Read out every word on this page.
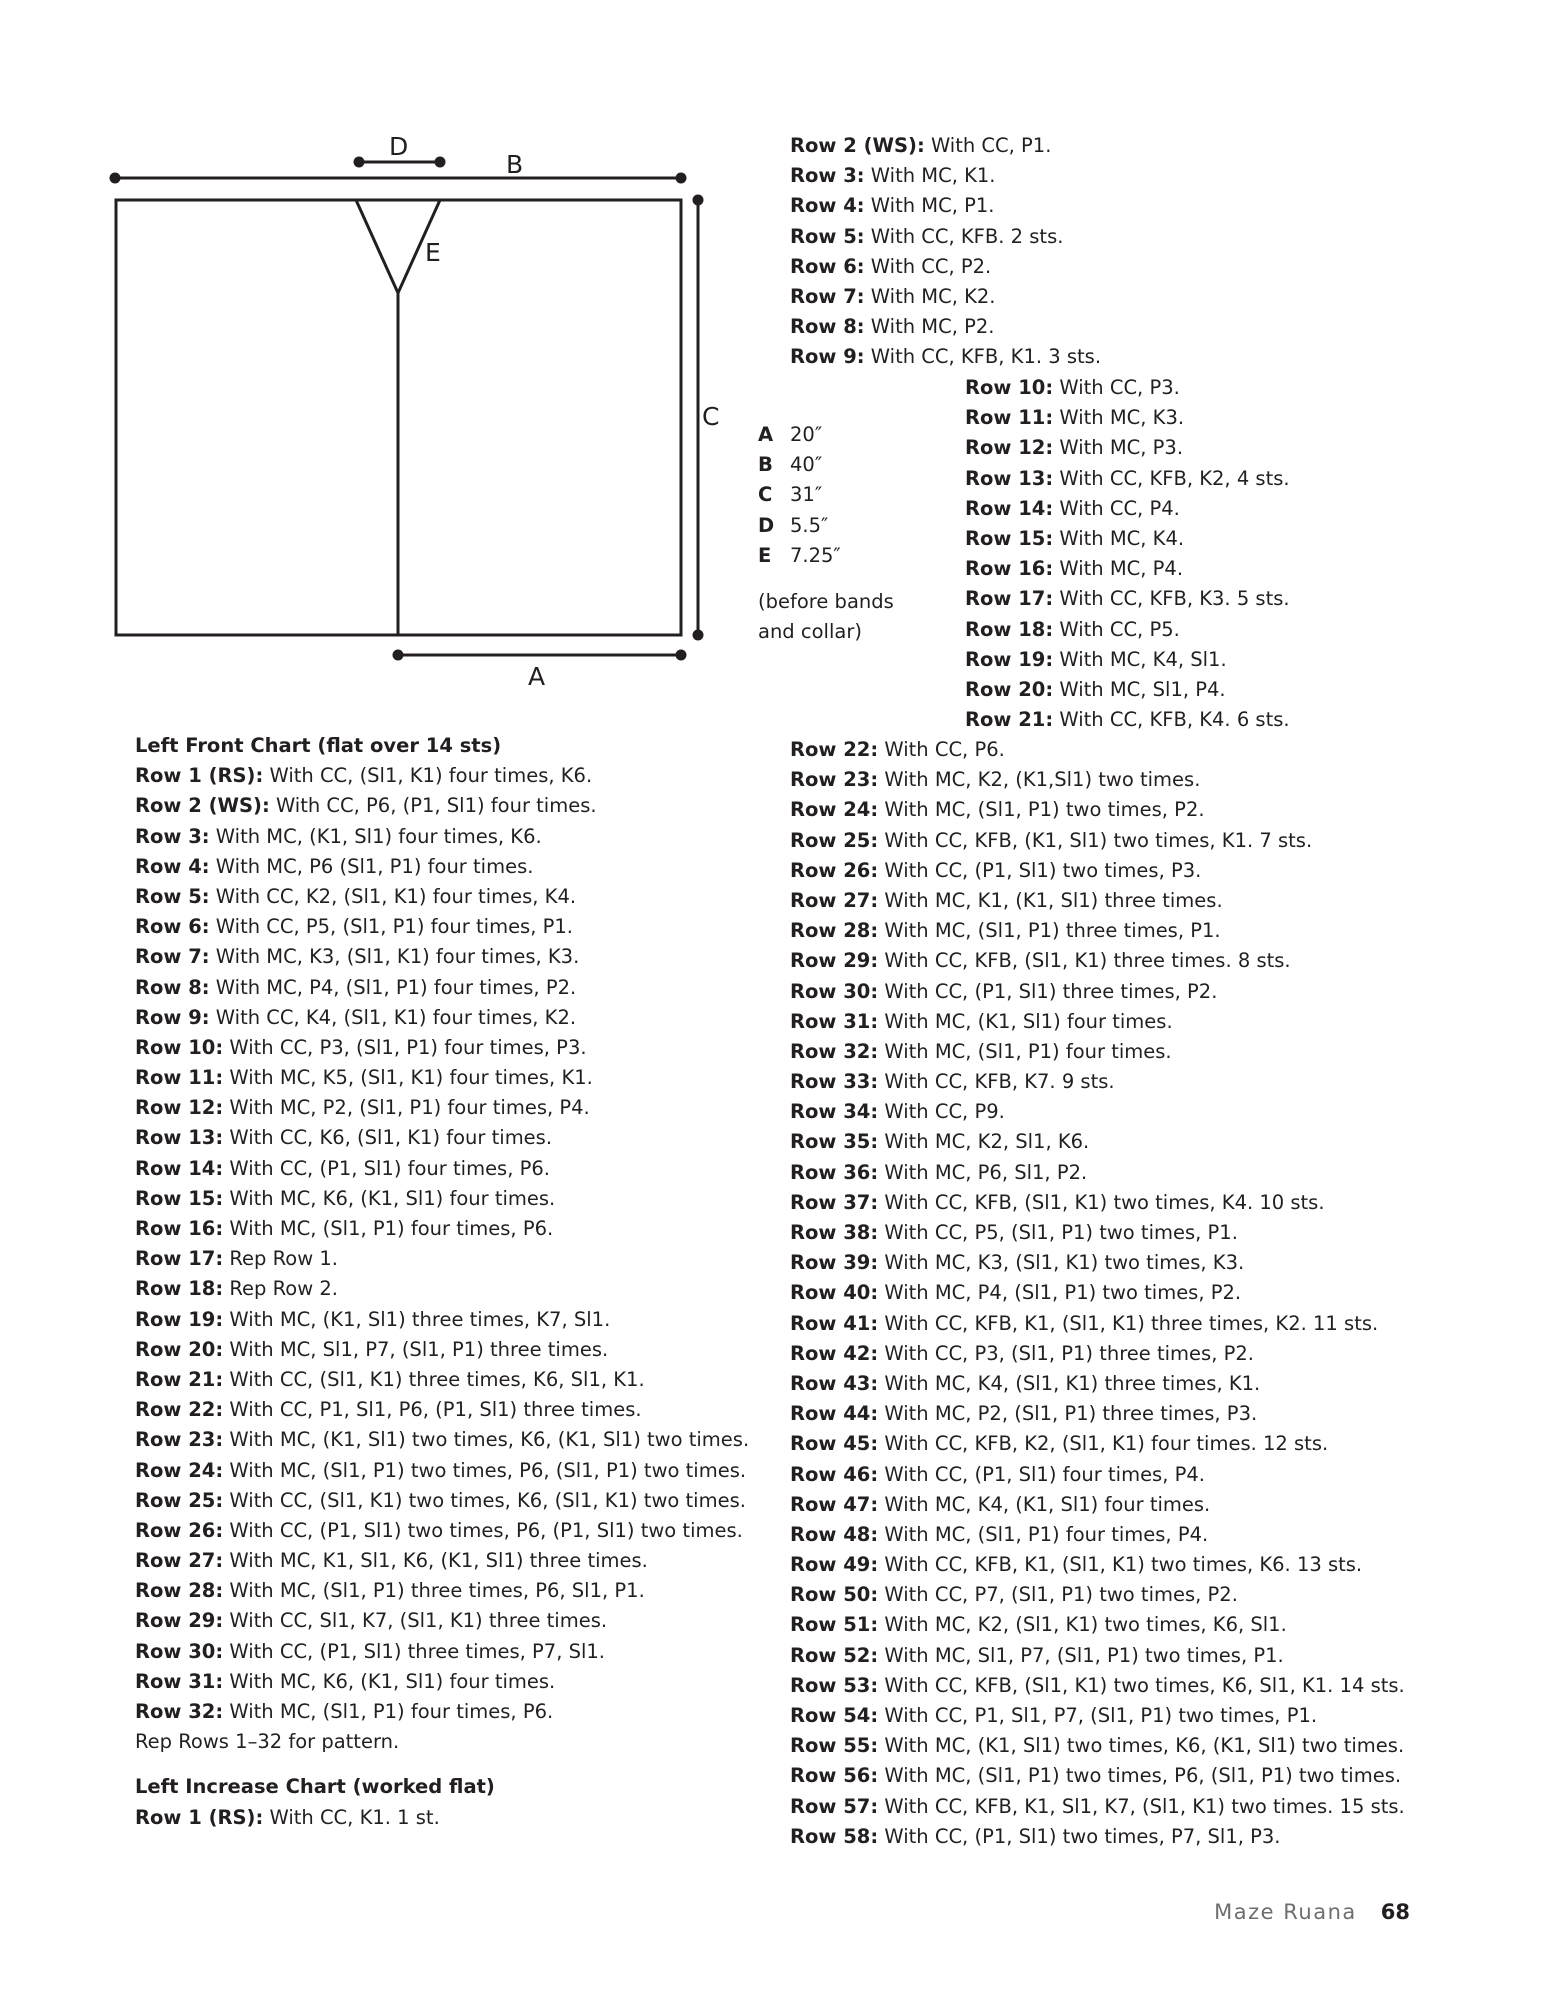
D
B
E
C
A
A 20″
B 40″
C 31″
D 5.5″
E 7.25″
(before bands
and collar)
Left Front Chart (flat over 14 sts)
Row 1 (RS): With CC, (Sl1, K1) four times, K6.
Row 2 (WS): With CC, P6, (P1, Sl1) four times.
Row 3: With MC, (K1, Sl1) four times, K6.
Row 4: With MC, P6 (Sl1, P1) four times.
Row 5: With CC, K2, (Sl1, K1) four times, K4.
Row 6: With CC, P5, (Sl1, P1) four times, P1.
Row 7: With MC, K3, (Sl1, K1) four times, K3.
Row 8: With MC, P4, (Sl1, P1) four times, P2.
Row 9: With CC, K4, (Sl1, K1) four times, K2.
Row 10: With CC, P3, (Sl1, P1) four times, P3.
Row 11: With MC, K5, (Sl1, K1) four times, K1.
Row 12: With MC, P2, (Sl1, P1) four times, P4.
Row 13: With CC, K6, (Sl1, K1) four times.
Row 14: With CC, (P1, Sl1) four times, P6.
Row 15: With MC, K6, (K1, Sl1) four times.
Row 16: With MC, (Sl1, P1) four times, P6.
Row 17: Rep Row 1.
Row 18: Rep Row 2.
Row 19: With MC, (K1, Sl1) three times, K7, Sl1.
Row 20: With MC, Sl1, P7, (Sl1, P1) three times.
Row 21: With CC, (Sl1, K1) three times, K6, Sl1, K1.
Row 22: With CC, P1, Sl1, P6, (P1, Sl1) three times.
Row 23: With MC, (K1, Sl1) two times, K6, (K1, Sl1) two times.
Row 24: With MC, (Sl1, P1) two times, P6, (Sl1, P1) two times.
Row 25: With CC, (Sl1, K1) two times, K6, (Sl1, K1) two times.
Row 26: With CC, (P1, Sl1) two times, P6, (P1, Sl1) two times.
Row 27: With MC, K1, Sl1, K6, (K1, Sl1) three times.
Row 28: With MC, (Sl1, P1) three times, P6, Sl1, P1.
Row 29: With CC, Sl1, K7, (Sl1, K1) three times.
Row 30: With CC, (P1, Sl1) three times, P7, Sl1.
Row 31: With MC, K6, (K1, Sl1) four times.
Row 32: With MC, (Sl1, P1) four times, P6.
Rep Rows 1–32 for pattern.
Left Increase Chart (worked flat)
Row 1 (RS): With CC, K1. 1 st.
Row 2 (WS): With CC, P1.
Row 3: With MC, K1.
Row 4: With MC, P1.
Row 5: With CC, KFB. 2 sts.
Row 6: With CC, P2.
Row 7: With MC, K2.
Row 8: With MC, P2.
Row 9: With CC, KFB, K1. 3 sts.
Row 10: With CC, P3.
Row 11: With MC, K3.
Row 12: With MC, P3.
Row 13: With CC, KFB, K2, 4 sts.
Row 14: With CC, P4.
Row 15: With MC, K4.
Row 16: With MC, P4.
Row 17: With CC, KFB, K3. 5 sts.
Row 18: With CC, P5.
Row 19: With MC, K4, Sl1.
Row 20: With MC, Sl1, P4.
Row 21: With CC, KFB, K4. 6 sts.
Row 22: With CC, P6.
Row 23: With MC, K2, (K1,Sl1) two times.
Row 24: With MC, (Sl1, P1) two times, P2.
Row 25: With CC, KFB, (K1, Sl1) two times, K1. 7 sts.
Row 26: With CC, (P1, Sl1) two times, P3.
Row 27: With MC, K1, (K1, Sl1) three times.
Row 28: With MC, (Sl1, P1) three times, P1.
Row 29: With CC, KFB, (Sl1, K1) three times. 8 sts.
Row 30: With CC, (P1, Sl1) three times, P2.
Row 31: With MC, (K1, Sl1) four times.
Row 32: With MC, (Sl1, P1) four times.
Row 33: With CC, KFB, K7. 9 sts.
Row 34: With CC, P9.
Row 35: With MC, K2, Sl1, K6.
Row 36: With MC, P6, Sl1, P2.
Row 37: With CC, KFB, (Sl1, K1) two times, K4. 10 sts.
Row 38: With CC, P5, (Sl1, P1) two times, P1.
Row 39: With MC, K3, (Sl1, K1) two times, K3.
Row 40: With MC, P4, (Sl1, P1) two times, P2.
Row 41: With CC, KFB, K1, (Sl1, K1) three times, K2. 11 sts.
Row 42: With CC, P3, (Sl1, P1) three times, P2.
Row 43: With MC, K4, (Sl1, K1) three times, K1.
Row 44: With MC, P2, (Sl1, P1) three times, P3.
Row 45: With CC, KFB, K2, (Sl1, K1) four times. 12 sts.
Row 46: With CC, (P1, Sl1) four times, P4.
Row 47: With MC, K4, (K1, Sl1) four times.
Row 48: With MC, (Sl1, P1) four times, P4.
Row 49: With CC, KFB, K1, (Sl1, K1) two times, K6. 13 sts.
Row 50: With CC, P7, (Sl1, P1) two times, P2.
Row 51: With MC, K2, (Sl1, K1) two times, K6, Sl1.
Row 52: With MC, Sl1, P7, (Sl1, P1) two times, P1.
Row 53: With CC, KFB, (Sl1, K1) two times, K6, Sl1, K1. 14 sts.
Row 54: With CC, P1, Sl1, P7, (Sl1, P1) two times, P1.
Row 55: With MC, (K1, Sl1) two times, K6, (K1, Sl1) two times.
Row 56: With MC, (Sl1, P1) two times, P6, (Sl1, P1) two times.
Row 57: With CC, KFB, K1, Sl1, K7, (Sl1, K1) two times. 15 sts.
Row 58: With CC, (P1, Sl1) two times, P7, Sl1, P3.
Maze Ruana 68
